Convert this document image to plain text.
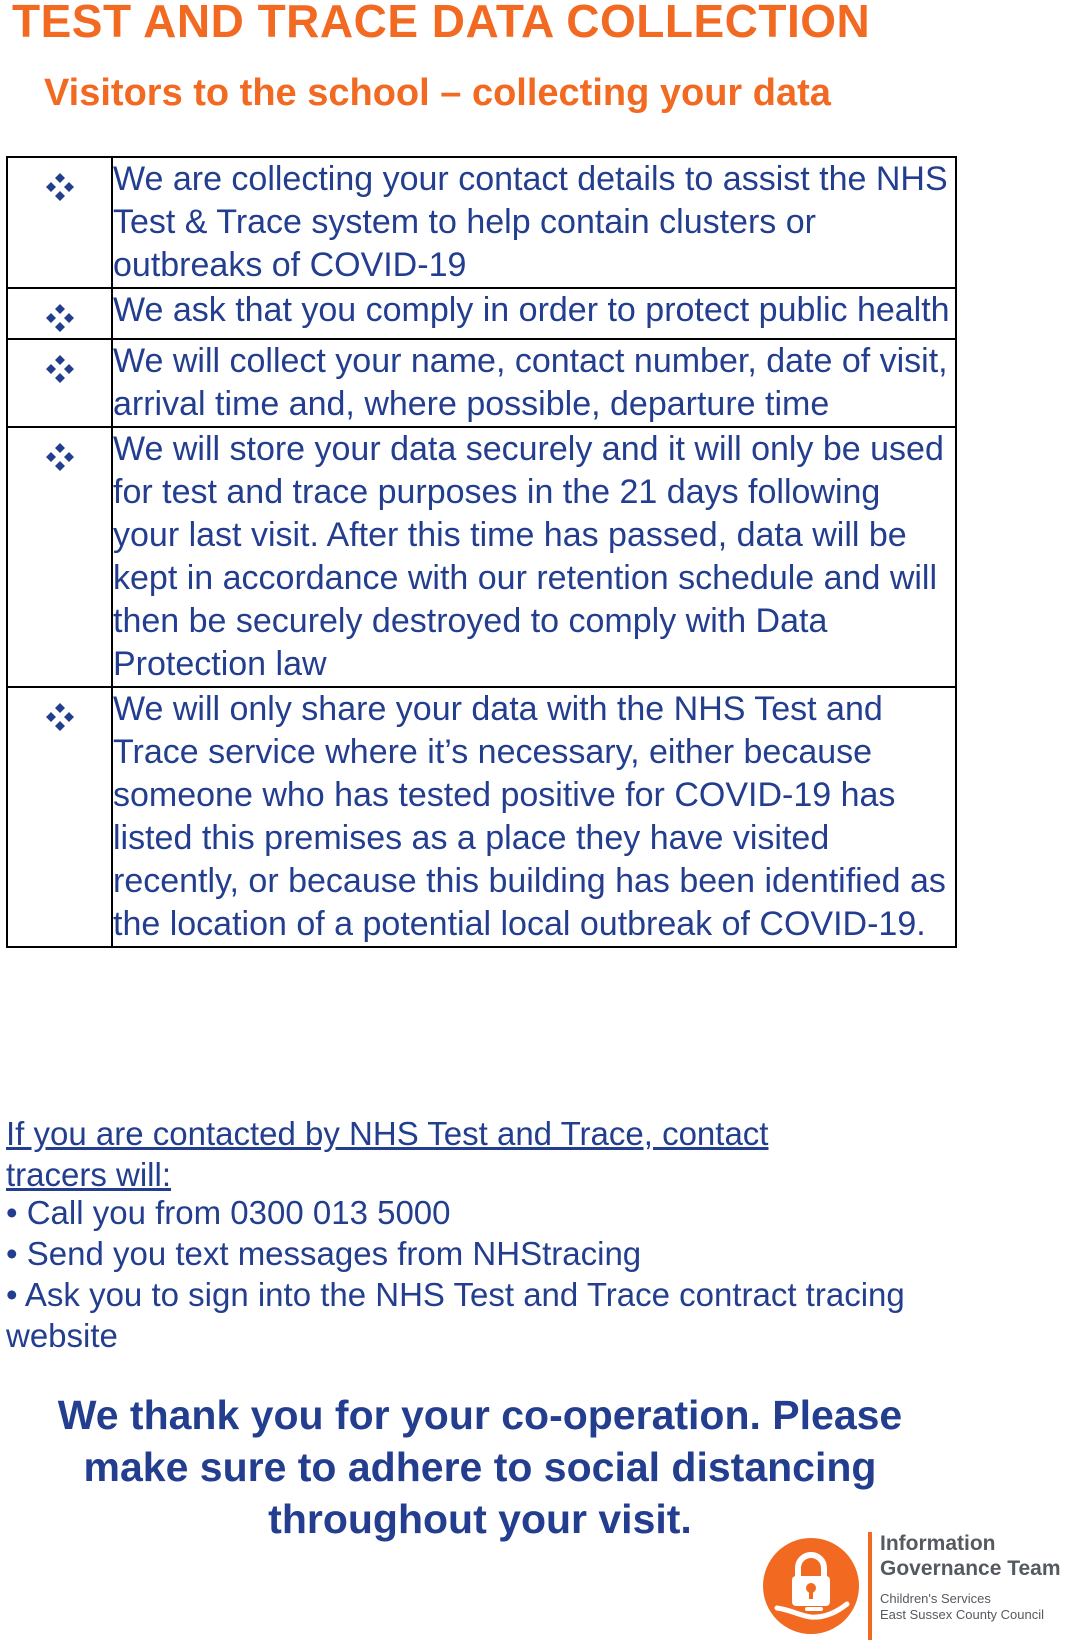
TEST AND TRACE DATA COLLECTION
Visitors to the school – collecting your data
	We are collecting your contact details to assist the NHS Test & Trace system to help contain clusters or outbreaks of COVID-19
	We ask that you comply in order to protect public health
	We will collect your name, contact number, date of visit, arrival time and, where possible, departure time
	We will store your data securely and it will only be used for test and trace purposes in the 21 days following your last visit. After this time has passed, data will be kept in accordance with our retention schedule and will then be securely destroyed to comply with Data Protection law
	We will only share your data with the NHS Test and Trace service where it’s necessary, either because someone who has tested positive for COVID-19 has listed this premises as a place they have visited recently, or because this building has been identified as the location of a potential local outbreak of COVID-19.
If you are contacted by NHS Test and Trace, contact tracers will:
• Call you from 0300 013 5000
• Send you text messages from NHStracing
• Ask you to sign into the NHS Test and Trace contract tracing website
We thank you for your co-operation. Please
make sure to adhere to social distancing
throughout your visit.
Information
Governance Team
Children's Services
East Sussex County Council
